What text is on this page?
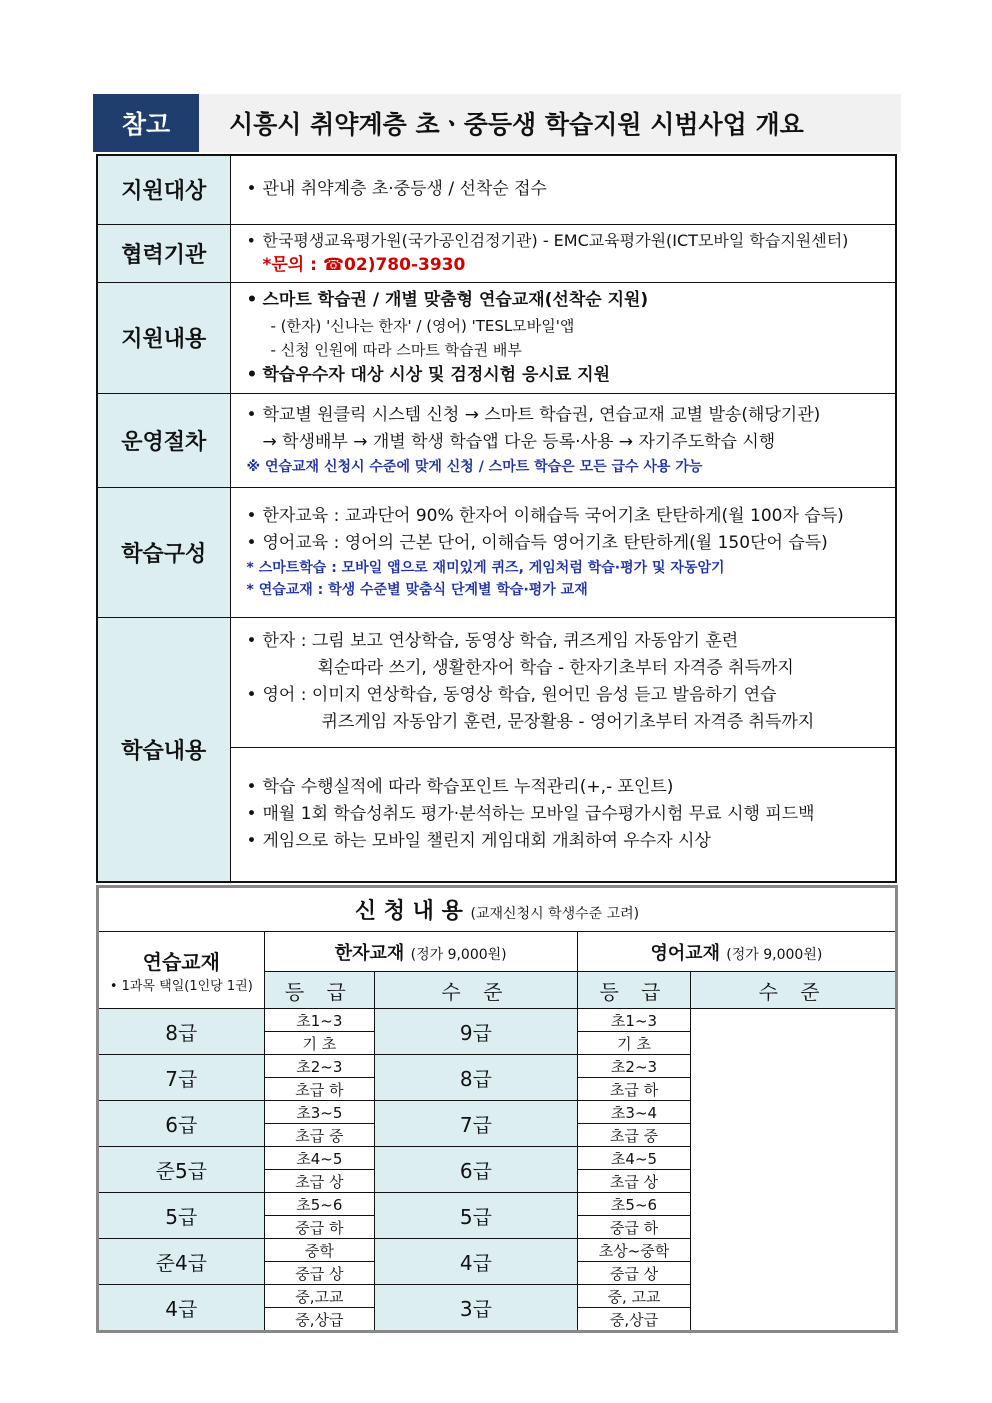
참고	시흥시 취약계층 초ㆍ중등생 학습지원 시범사업 개요
지원대상	• 관내 취약계층 초·중등생 / 선착순 접수

협력기관	• 한국평생교육평가원(국가공인검정기관) - EMC교육평가원(ICT모바일 학습지원센터)
*문의 : ☎02)780-3930

지원내용	• 스마트 학습권 / 개별 맞춤형 연습교재(선착순 지원)
- (한자) '신나는 한자' / (영어) 'TESL모바일'앱
- 신청 인원에 따라 스마트 학습권 배부
• 학습우수자 대상 시상 및 검정시험 응시료 지원

운영절차	• 학교별 원클릭 시스템 신청 → 스마트 학습권, 연습교재 교별 발송(해당기관)
→ 학생배부 → 개별 학생 학습앱 다운 등록·사용 → 자기주도학습 시행
※ 연습교재 신청시 수준에 맞게 신청 / 스마트 학습은 모든 급수 사용 가능

학습구성	• 한자교육 : 교과단어 90% 한자어 이해습득 국어기초 탄탄하게(월 100자 습득)
• 영어교육 : 영어의 근본 단어, 이해습득 영어기초 탄탄하게(월 150단어 습득)
* 스마트학습 : 모바일 앱으로 재미있게 퀴즈, 게임처럼 학습·평가 및 자동암기
* 연습교재 : 학생 수준별 맞춤식 단계별 학습·평가 교재

학습내용	• 한자 : 그림 보고 연상학습, 동영상 학습, 퀴즈게임 자동암기 훈련
획순따라 쓰기, 생활한자어 학습 - 한자기초부터 자격증 취득까지
• 영어 : 이미지 연상학습, 동영상 학습, 원어민 음성 듣고 발음하기 연습
퀴즈게임 자동암기 훈련, 문장활용 - 영어기초부터 자격증 취득까지

	• 학습 수행실적에 따라 학습포인트 누적관리(+,- 포인트)
• 매월 1회 학습성취도 평가·분석하는 모바일 급수평가시험 무료 시행 피드백
• 게임으로 하는 모바일 챌린지 게임대회 개최하여 우수자 시상
신 청 내 용 (교재신청시 학생수준 고려)				

연습교재
• 1과목 택일(1인당 1권)	한자교재 (정가 9,000원)		영어교재 (정가 9,000원)	
	등 급	수 준	등 급	수 준
8급	초1~3	9급	초1~3	
	기 초		기 초	
7급	초2~3	8급	초2~3	
	초급 하		초급 하	
6급	초3~5	7급	초3~4	
	초급 중		초급 중	
준5급	초4~5	6급	초4~5	
	초급 상		초급 상	
5급	초5~6	5급	초5~6	
	중급 하		중급 하	
준4급	중학	4급	초상~중학	
	중급 상		중급 상	
4급	중,고교	3급	중, 고교	
	중,상급		중,상급	
